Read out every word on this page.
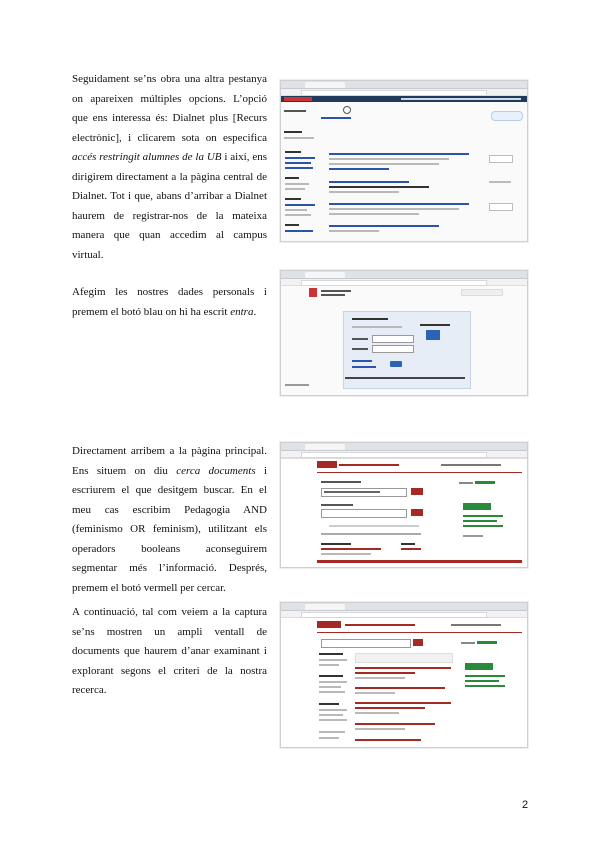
Seguidament se’ns obra una altra pestanya on apareixen múltiples opcions. L’opció que ens interessa és: Dialnet plus [Recurs electrònic], i clicarem sota on especifica accés restringit alumnes de la UB i així, ens dirigirem directament a la pàgina central de Dialnet. Tot i que, abans d’arribar a Dialnet haurem de registrar-nos de la mateixa manera que quan accedim al campus virtual.

Afegim les nostres dades personals i premem el botó blau on hi ha escrit entra.

Directament arribem a la pàgina principal. Ens situem on diu cerca documents i escriurem el que desitgem buscar. En el meu cas escribim Pedagogia AND (feminismo OR feminism), utilitzant els operadors booleans aconseguirem segmentar més l’informació. Després, premem el botó vermell per cercar.

A continuació, tal com veiem a la captura se’ns mostren un ampli ventall de documents que haurem d’anar examinant i explorant segons el criteri de la nostra recerca.

2
